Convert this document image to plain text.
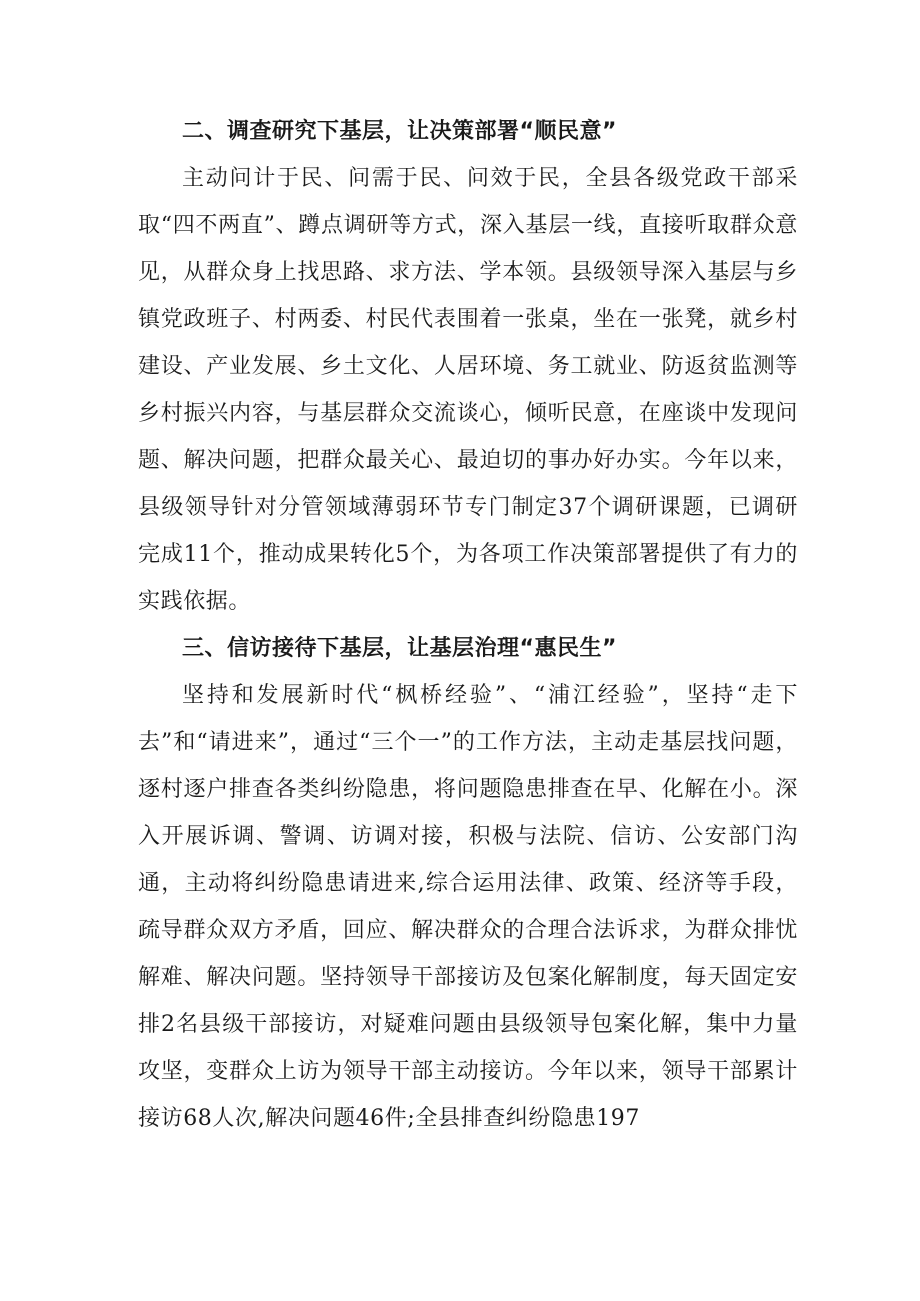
二、调查研究下基层，让决策部署“顺民意”

主动问计于民、问需于民、问效于民，全县各级党政干部采取“四不两直”、蹲点调研等方式，深入基层一线，直接听取群众意见，从群众身上找思路、求方法、学本领。县级领导深入基层与乡镇党政班子、村两委、村民代表围着一张桌，坐在一张凳，就乡村建设、产业发展、乡土文化、人居环境、务工就业、防返贫监测等乡村振兴内容，与基层群众交流谈心，倾听民意，在座谈中发现问题、解决问题，把群众最关心、最迫切的事办好办实。今年以来，县级领导针对分管领域薄弱环节专门制定37个调研课题，已调研完成11个，推动成果转化5个，为各项工作决策部署提供了有力的实践依据。

三、信访接待下基层，让基层治理“惠民生”

坚持和发展新时代“枫桥经验”、“浦江经验”，坚持“走下去”和“请进来”，通过“三个一”的工作方法，主动走基层找问题，逐村逐户排查各类纠纷隐患，将问题隐患排查在早、化解在小。深入开展诉调、警调、访调对接，积极与法院、信访、公安部门沟通，主动将纠纷隐患请进来,综合运用法律、政策、经济等手段，疏导群众双方矛盾，回应、解决群众的合理合法诉求，为群众排忧解难、解决问题。坚持领导干部接访及包案化解制度，每天固定安排2名县级干部接访，对疑难问题由县级领导包案化解，集中力量攻坚，变群众上访为领导干部主动接访。今年以来，领导干部累计接访68人次,解决问题46件;全县排查纠纷隐患197
